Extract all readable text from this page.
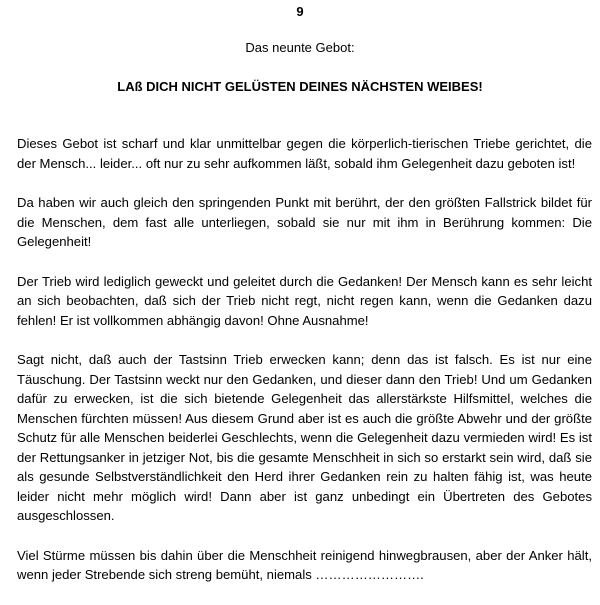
9
Das neunte Gebot:
LAß DICH NICHT GELÜSTEN DEINES NÄCHSTEN WEIBES!

Dieses Gebot ist scharf und klar unmittelbar gegen die körperlich-tierischen Triebe gerichtet, die der Mensch... leider... oft nur zu sehr aufkommen läßt, sobald ihm Gelegenheit dazu geboten ist!

Da haben wir auch gleich den springenden Punkt mit berührt, der den größten Fallstrick bildet für die Menschen, dem fast alle unterliegen, sobald sie nur mit ihm in Berührung kommen: Die Gelegenheit!

Der Trieb wird lediglich geweckt und geleitet durch die Gedanken! Der Mensch kann es sehr leicht an sich beobachten, daß sich der Trieb nicht regt, nicht regen kann, wenn die Gedanken dazu fehlen! Er ist vollkommen abhängig davon! Ohne Ausnahme!

Sagt nicht, daß auch der Tastsinn Trieb erwecken kann; denn das ist falsch. Es ist nur eine Täuschung. Der Tastsinn weckt nur den Gedanken, und dieser dann den Trieb! Und um Gedanken dafür zu erwecken, ist die sich bietende Gelegenheit das allerstärkste Hilfsmittel, welches die Menschen fürchten müssen! Aus diesem Grund aber ist es auch die größte Abwehr und der größte Schutz für alle Menschen beiderlei Geschlechts, wenn die Gelegenheit dazu vermieden wird! Es ist der Rettungsanker in jetziger Not, bis die gesamte Menschheit in sich so erstarkt sein wird, daß sie als gesunde Selbstverständlichkeit den Herd ihrer Gedanken rein zu halten fähig ist, was heute leider nicht mehr möglich wird! Dann aber ist ganz unbedingt ein Übertreten des Gebotes ausgeschlossen.

Viel Stürme müssen bis dahin über die Menschheit reinigend hinwegbrausen, aber der Anker hält, wenn jeder Strebende sich streng bemüht, niemals …………………….
